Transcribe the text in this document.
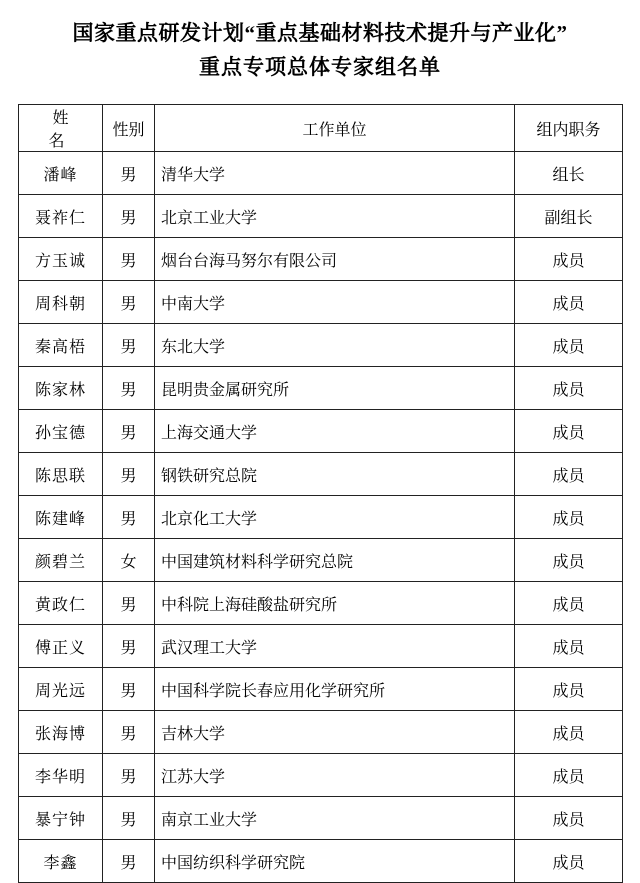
国家重点研发计划“重点基础材料技术提升与产业化”
重点专项总体专家组名单
姓　名	性别	工作单位	组内职务
潘峰	男	清华大学	组长
聂祚仁	男	北京工业大学	副组长
方玉诚	男	烟台台海马努尔有限公司	成员
周科朝	男	中南大学	成员
秦高梧	男	东北大学	成员
陈家林	男	昆明贵金属研究所	成员
孙宝德	男	上海交通大学	成员
陈思联	男	钢铁研究总院	成员
陈建峰	男	北京化工大学	成员
颜碧兰	女	中国建筑材料科学研究总院	成员
黄政仁	男	中科院上海硅酸盐研究所	成员
傅正义	男	武汉理工大学	成员
周光远	男	中国科学院长春应用化学研究所	成员
张海博	男	吉林大学	成员
李华明	男	江苏大学	成员
暴宁钟	男	南京工业大学	成员
李鑫	男	中国纺织科学研究院	成员
